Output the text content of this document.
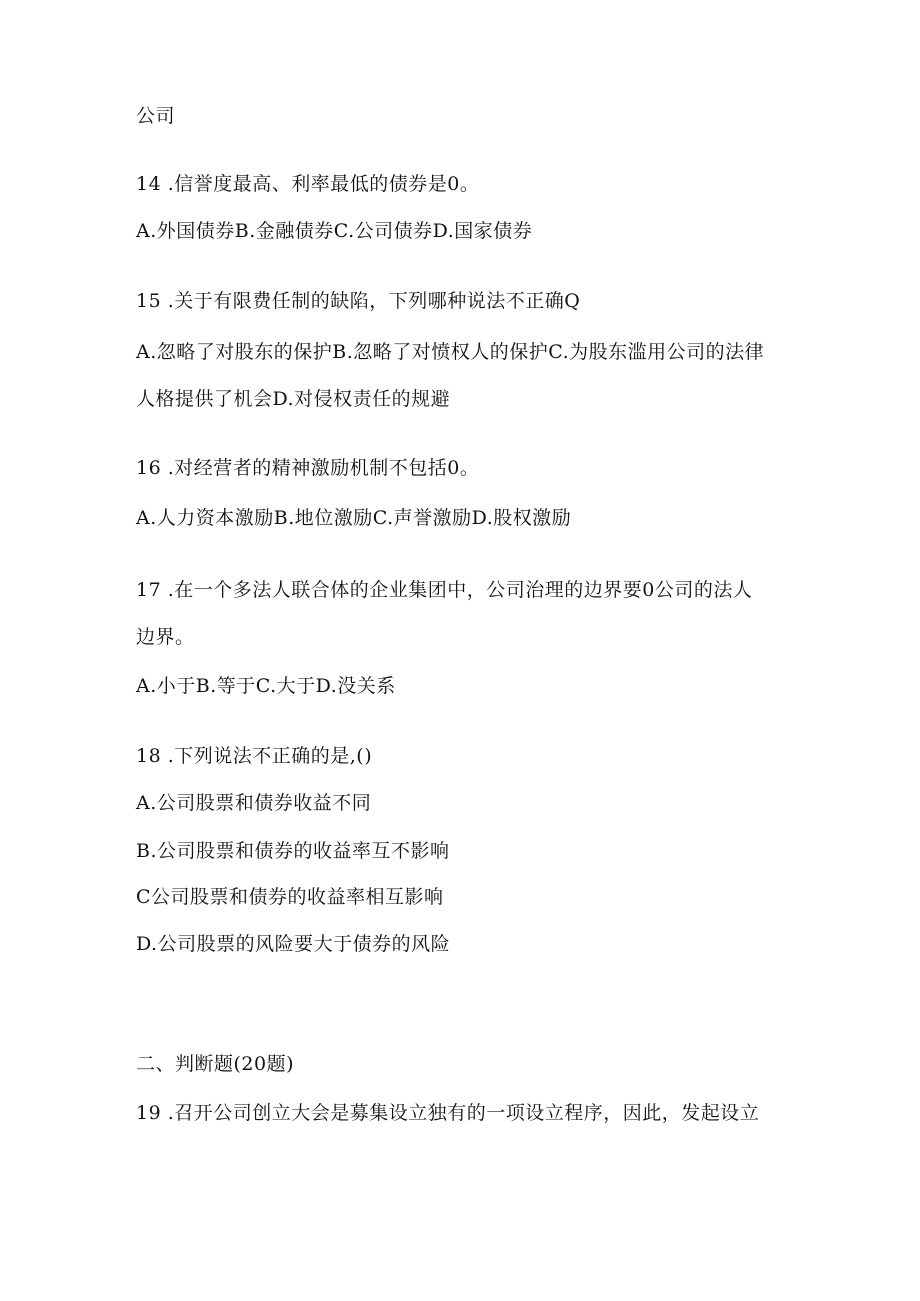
公司
14 .信誉度最高、利率最低的债券是0。
A.外国债券B.金融债券C.公司债券D.国家债券
15 .关于有限费任制的缺陷，下列哪种说法不正确Q
A.忽略了对股东的保护B.忽略了对愤权人的保护C.为股东滥用公司的法律
人格提供了机会D.对侵权责任的规避
16 .对经营者的精神激励机制不包括0。
A.人力资本激励B.地位激励C.声誉激励D.股权激励
17 .在一个多法人联合体的企业集团中，公司治理的边界要0公司的法人
边界。
A.小于B.等于C.大于D.没关系
18 .下列说法不正确的是,()
A.公司股票和债券收益不同
B.公司股票和债券的收益率互不影响
C公司股票和债券的收益率相互影响
D.公司股票的风险要大于债券的风险
二、判断题(20题)
19 .召开公司创立大会是募集设立独有的一项设立程序，因此，发起设立
